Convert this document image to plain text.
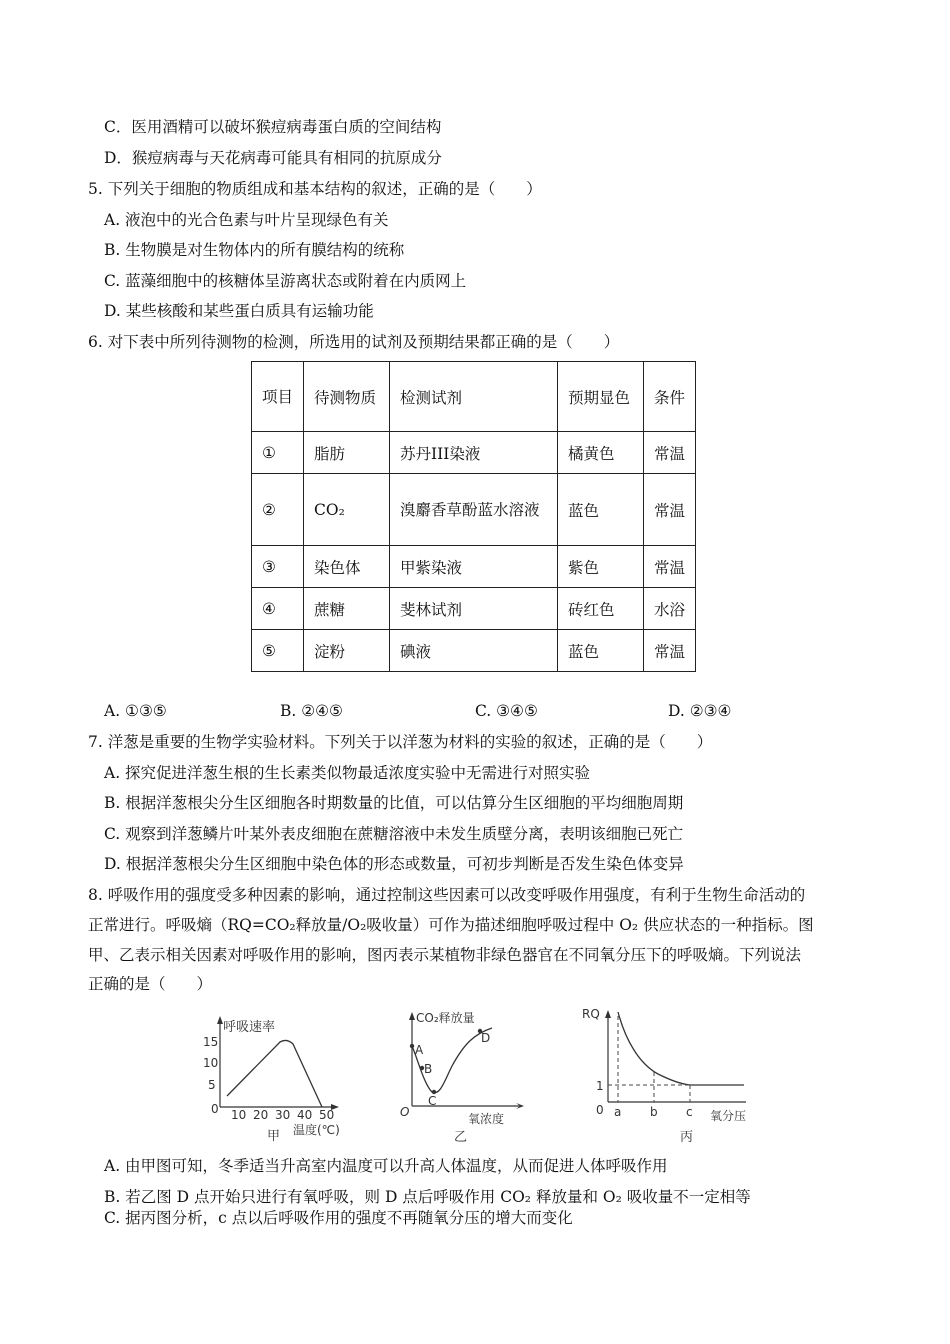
C．医用酒精可以破坏猴痘病毒蛋白质的空间结构
D．猴痘病毒与天花病毒可能具有相同的抗原成分
5. 下列关于细胞的物质组成和基本结构的叙述，正确的是（　　）
A. 液泡中的光合色素与叶片呈现绿色有关
B. 生物膜是对生物体内的所有膜结构的统称
C. 蓝藻细胞中的核糖体呈游离状态或附着在内质网上
D. 某些核酸和某些蛋白质具有运输功能
6. 对下表中所列待测物的检测，所选用的试剂及预期结果都正确的是（　　）
项目	待测物质	检测试剂	预期显色	条件
①	脂肪	苏丹III染液	橘黄色	常温
②	CO₂	溴麝香草酚蓝水溶液	蓝色	常温
③	染色体	甲紫染液	紫色	常温
④	蔗糖	斐林试剂	砖红色	水浴
⑤	淀粉	碘液	蓝色	常温
A. ①③⑤	B. ②④⑤	C. ③④⑤	D. ②③④
7. 洋葱是重要的生物学实验材料。下列关于以洋葱为材料的实验的叙述，正确的是（　　）
A. 探究促进洋葱生根的生长素类似物最适浓度实验中无需进行对照实验
B. 根据洋葱根尖分生区细胞各时期数量的比值，可以估算分生区细胞的平均细胞周期
C. 观察到洋葱鳞片叶某外表皮细胞在蔗糖溶液中未发生质壁分离，表明该细胞已死亡
D. 根据洋葱根尖分生区细胞中染色体的形态或数量，可初步判断是否发生染色体变异
8. 呼吸作用的强度受多种因素的影响，通过控制这些因素可以改变呼吸作用强度，有利于生物生命活动的
正常进行。呼吸熵（RQ=CO₂释放量/O₂吸收量）可作为描述细胞呼吸过程中 O₂ 供应状态的一种指标。图
甲、乙表示相关因素对呼吸作用的影响，图丙表示某植物非绿色器官在不同氧分压下的呼吸熵。下列说法
正确的是（　　）
呼吸速率
15
10
5
0 10 20 30 40 50
温度(℃)
甲
CO₂释放量
A
B
C
D
O	氧浓度
乙
RQ
1
0 a b c 氧分压
丙
A. 由甲图可知，冬季适当升高室内温度可以升高人体温度，从而促进人体呼吸作用
B. 若乙图 D 点开始只进行有氧呼吸，则 D 点后呼吸作用 CO₂ 释放量和 O₂ 吸收量不一定相等
C. 据丙图分析，c 点以后呼吸作用的强度不再随氧分压的增大而变化
